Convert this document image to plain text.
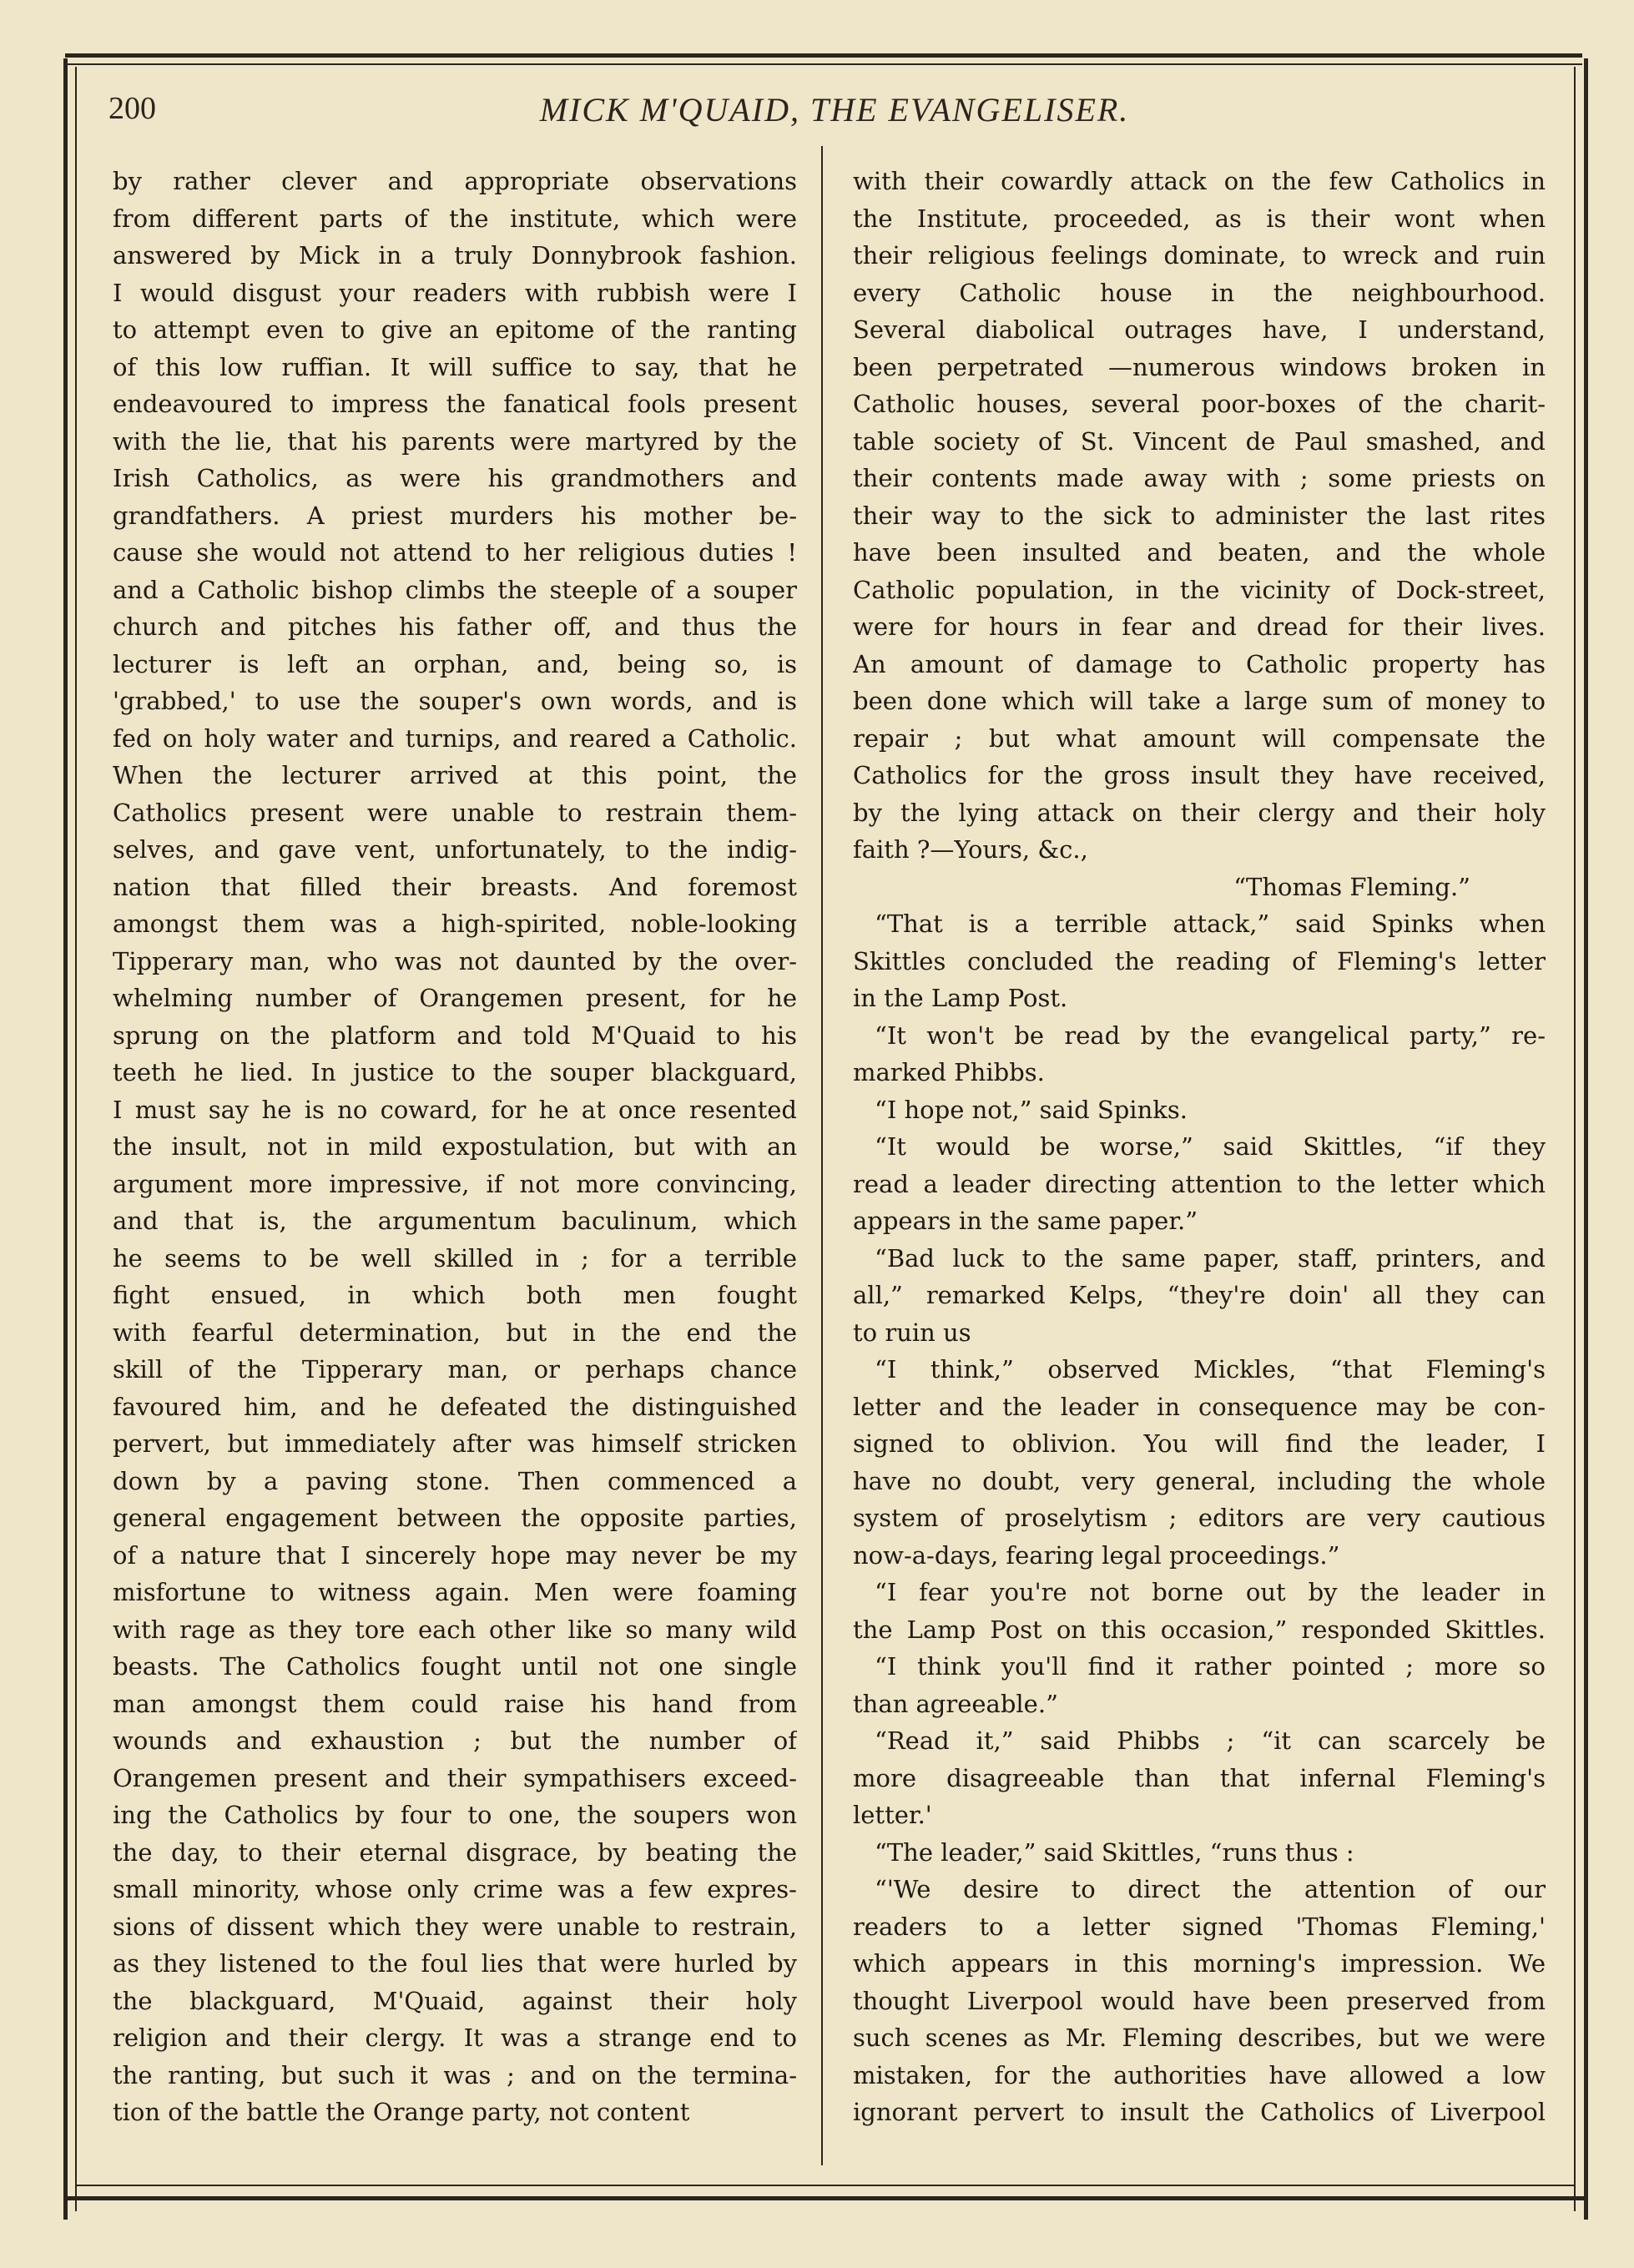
200	MICK M'QUAID, THE EVANGELISER.
by rather clever and appropriate observations
from different parts of the institute, which were
answered by Mick in a truly Donnybrook fashion.
I would disgust your readers with rubbish were I
to attempt even to give an epitome of the ranting
of this low ruffian. It will suffice to say, that he
endeavoured to impress the fanatical fools present
with the lie, that his parents were martyred by the
Irish Catholics, as were his grandmothers and
grandfathers. A priest murders his mother be-
cause she would not attend to her religious duties !
and a Catholic bishop climbs the steeple of a souper
church and pitches his father off, and thus the
lecturer is left an orphan, and, being so, is
'grabbed,' to use the souper's own words, and is
fed on holy water and turnips, and reared a Catholic.
When the lecturer arrived at this point, the
Catholics present were unable to restrain them-
selves, and gave vent, unfortunately, to the indig-
nation that filled their breasts. And foremost
amongst them was a high-spirited, noble-looking
Tipperary man, who was not daunted by the over-
whelming number of Orangemen present, for he
sprung on the platform and told M'Quaid to his
teeth he lied. In justice to the souper blackguard,
I must say he is no coward, for he at once resented
the insult, not in mild expostulation, but with an
argument more impressive, if not more convincing,
and that is, the argumentum baculinum, which
he seems to be well skilled in ; for a terrible
fight ensued, in which both men fought
with fearful determination, but in the end the
skill of the Tipperary man, or perhaps chance
favoured him, and he defeated the distinguished
pervert, but immediately after was himself stricken
down by a paving stone. Then commenced a
general engagement between the opposite parties,
of a nature that I sincerely hope may never be my
misfortune to witness again. Men were foaming
with rage as they tore each other like so many wild
beasts. The Catholics fought until not one single
man amongst them could raise his hand from
wounds and exhaustion ; but the number of
Orangemen present and their sympathisers exceed-
ing the Catholics by four to one, the soupers won
the day, to their eternal disgrace, by beating the
small minority, whose only crime was a few expres-
sions of dissent which they were unable to restrain,
as they listened to the foul lies that were hurled by
the blackguard, M'Quaid, against their holy
religion and their clergy. It was a strange end to
the ranting, but such it was ; and on the termina-
tion of the battle the Orange party, not content
with their cowardly attack on the few Catholics in
the Institute, proceeded, as is their wont when
their religious feelings dominate, to wreck and ruin
every Catholic house in the neighbourhood.
Several diabolical outrages have, I understand,
been perpetrated —numerous windows broken in
Catholic houses, several poor-boxes of the charit-
table society of St. Vincent de Paul smashed, and
their contents made away with ; some priests on
their way to the sick to administer the last rites
have been insulted and beaten, and the whole
Catholic population, in the vicinity of Dock-street,
were for hours in fear and dread for their lives.
An amount of damage to Catholic property has
been done which will take a large sum of money to
repair ; but what amount will compensate the
Catholics for the gross insult they have received,
by the lying attack on their clergy and their holy
faith ?—Yours, &c.,
“Thomas Fleming.”
“That is a terrible attack,” said Spinks when
Skittles concluded the reading of Fleming's letter
in the Lamp Post.
“It won't be read by the evangelical party,” re-
marked Phibbs.
“I hope not,” said Spinks.
“It would be worse,” said Skittles, “if they
read a leader directing attention to the letter which
appears in the same paper.”
“Bad luck to the same paper, staff, printers, and
all,” remarked Kelps, “they're doin' all they can
to ruin us
“I think,” observed Mickles, “that Fleming's
letter and the leader in consequence may be con-
signed to oblivion. You will find the leader, I
have no doubt, very general, including the whole
system of proselytism ; editors are very cautious
now-a-days, fearing legal proceedings.”
“I fear you're not borne out by the leader in
the Lamp Post on this occasion,” responded Skittles.
“I think you'll find it rather pointed ; more so
than agreeable.”
“Read it,” said Phibbs ; “it can scarcely be
more disagreeable than that infernal Fleming's
letter.'
“The leader,” said Skittles, “runs thus :
“'We desire to direct the attention of our
readers to a letter signed 'Thomas Fleming,'
which appears in this morning's impression. We
thought Liverpool would have been preserved from
such scenes as Mr. Fleming describes, but we were
mistaken, for the authorities have allowed a low
ignorant pervert to insult the Catholics of Liverpool
